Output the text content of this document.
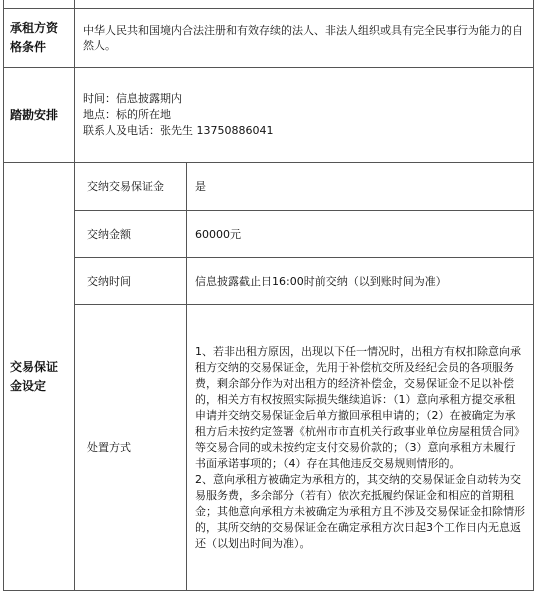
承租方资格条件	中华人民共和国境内合法注册和有效存续的法人、非法人组织或具有完全民事行为能力的自然人。	
踏勘安排	时间：信息披露期内
地点：标的所在地
联系人及电话：张先生 13750886041	

交易保证金设定	交纳交易保证金	是
	交纳金额	60000元
	交纳时间	信息披露截止日16:00时前交纳（以到账时间为准）
	处置方式	1、若非出租方原因，出现以下任一情况时，出租方有权扣除意向承租方交纳的交易保证金，先用于补偿杭交所及经纪会员的各项服务费，剩余部分作为对出租方的经济补偿金，交易保证金不足以补偿的，相关方有权按照实际损失继续追诉：（1）意向承租方提交承租申请并交纳交易保证金后单方撤回承租申请的；（2）在被确定为承租方后未按约定签署《杭州市市直机关行政事业单位房屋租赁合同》等交易合同的或未按约定支付交易价款的；（3）意向承租方未履行书面承诺事项的；（4）存在其他违反交易规则情形的。
2、意向承租方被确定为承租方的，其交纳的交易保证金自动转为交易服务费，多余部分（若有）依次充抵履约保证金和相应的首期租金；其他意向承租方未被确定为承租方且不涉及交易保证金扣除情形的，其所交纳的交易保证金在确定承租方次日起3个工作日内无息返还（以划出时间为准）。
